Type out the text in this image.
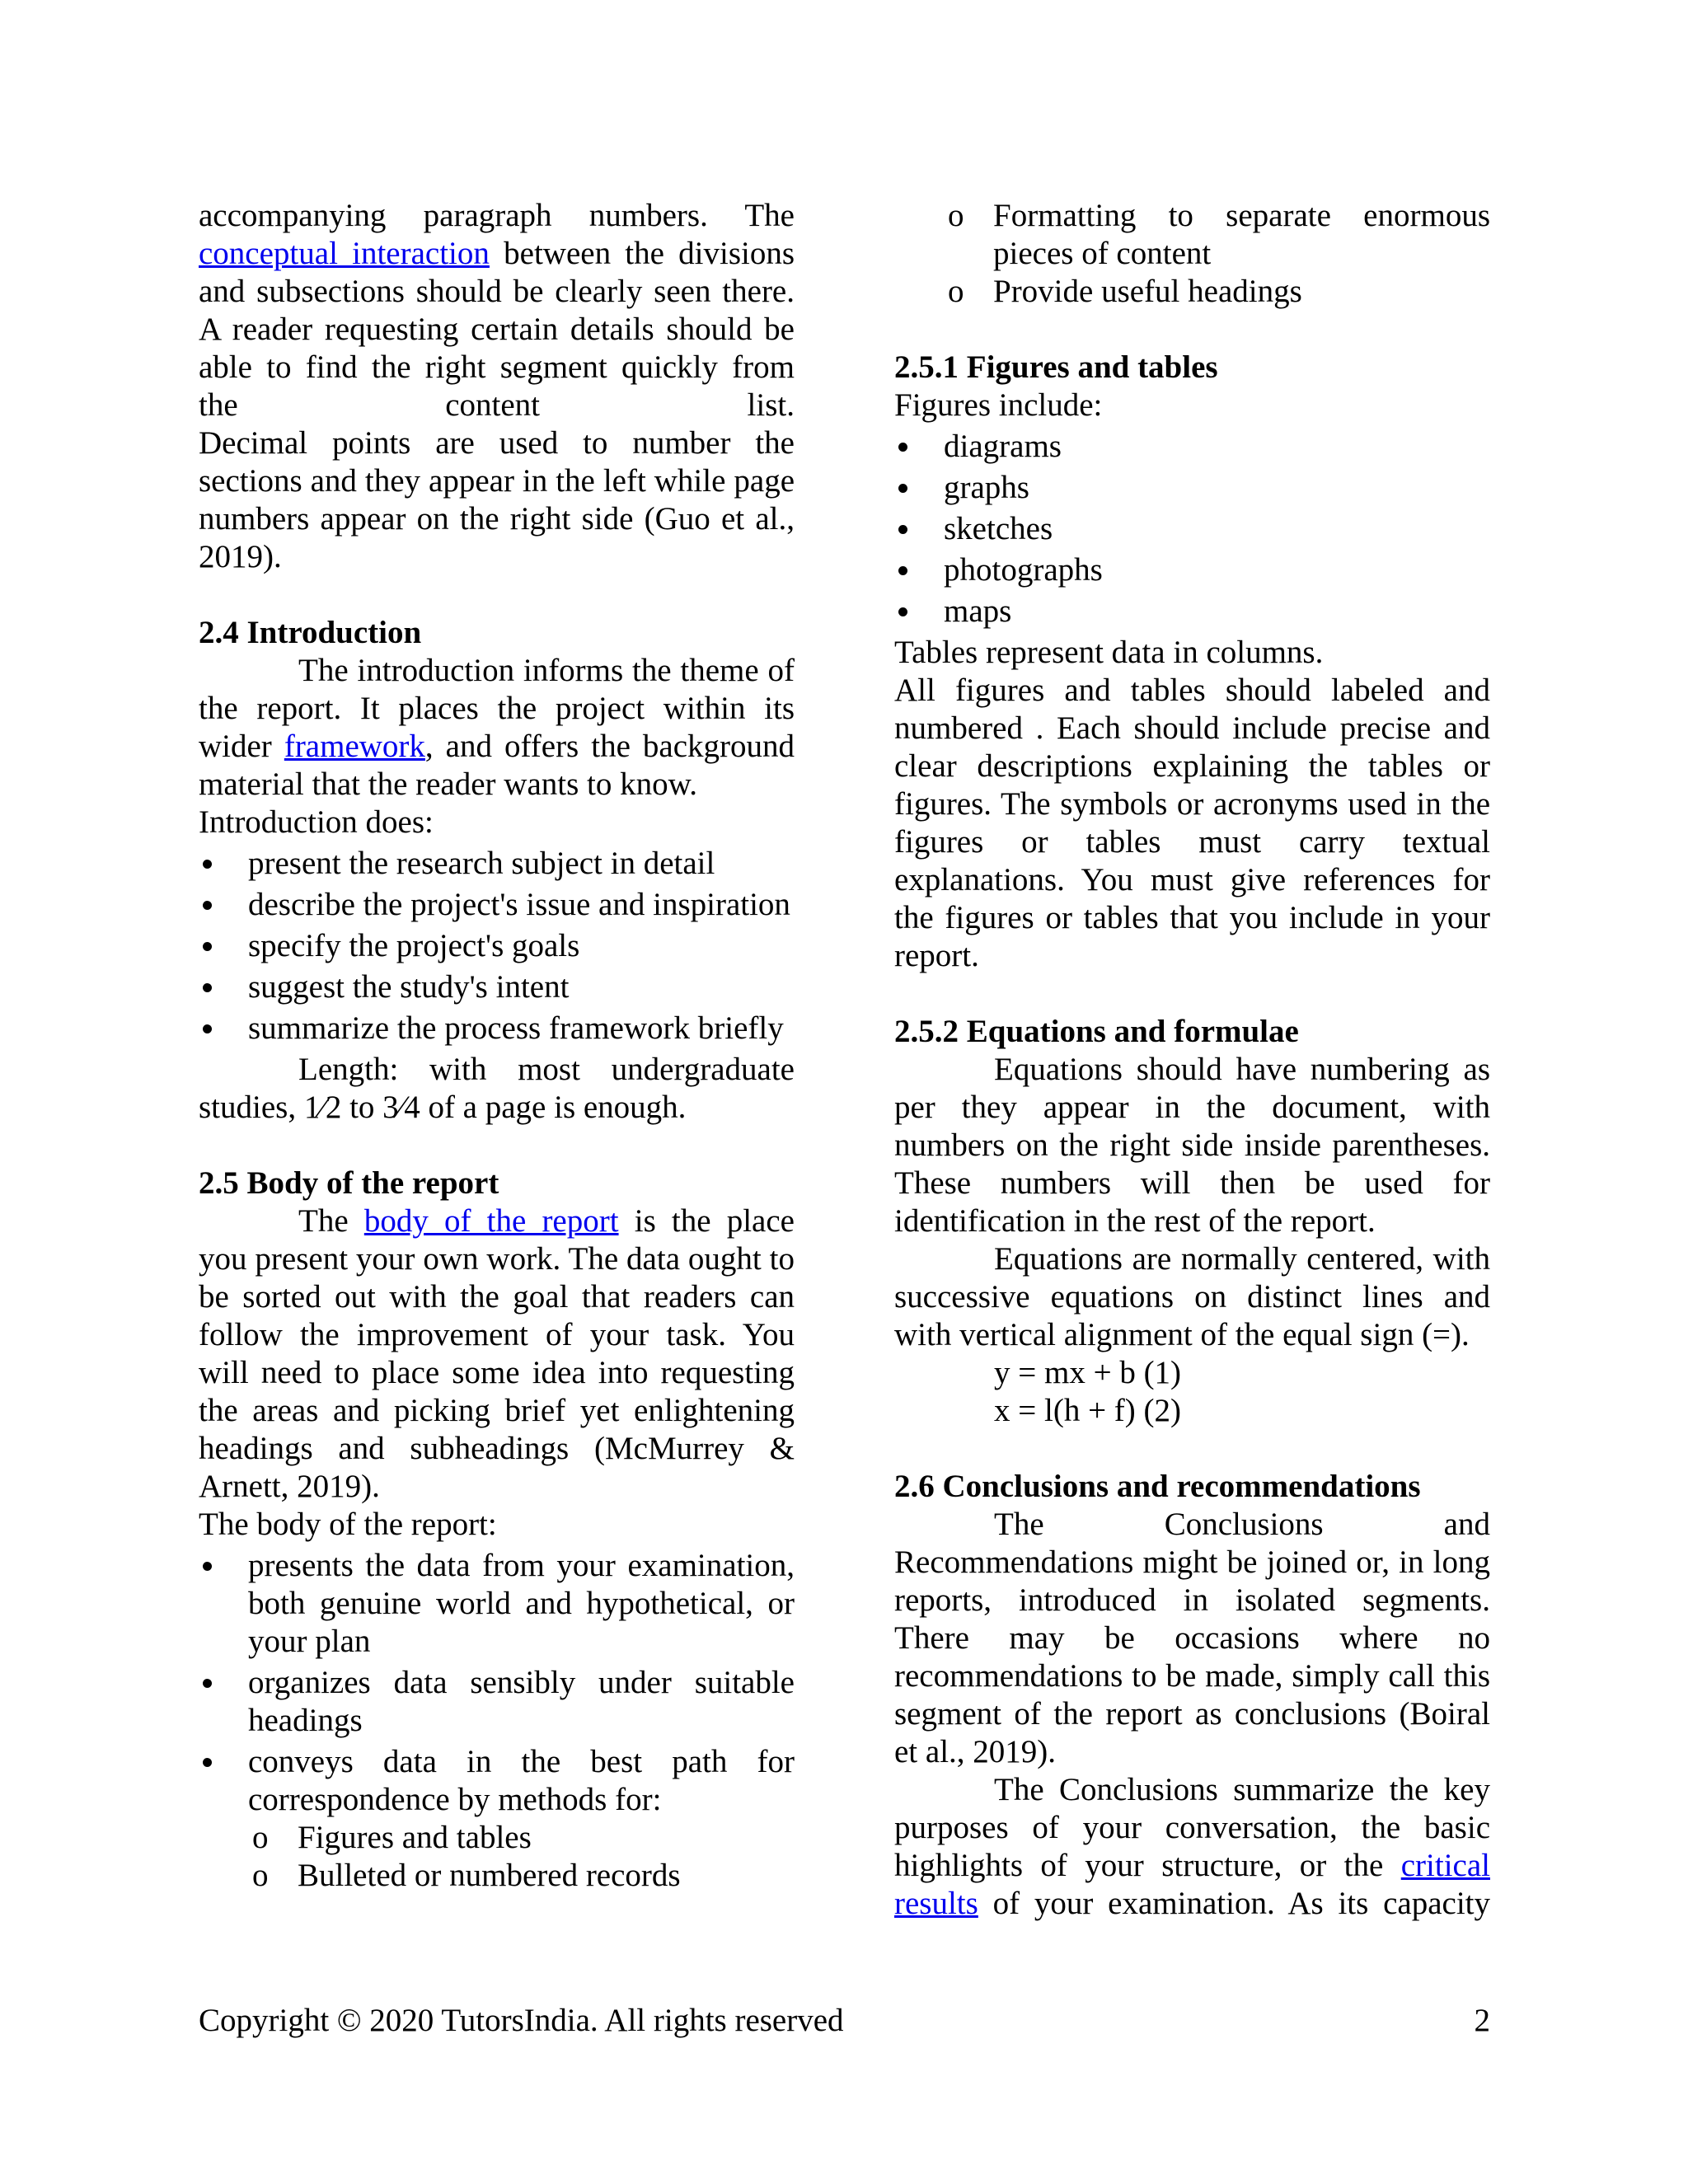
accompanying paragraph numbers. The conceptual interaction between the divisions and subsections should be clearly seen there. A reader requesting certain details should be able to find the right segment quickly from the content list.

Decimal points are used to number the sections and they appear in the left while page numbers appear on the right side (Guo et al., 2019).

2.4 Introduction

The introduction informs the theme of the report. It places the project within its wider framework, and offers the background material that the reader wants to know.

Introduction does:

present the research subject in detail
describe the project's issue and inspiration
specify the project's goals
suggest the study's intent
summarize the process framework briefly

Length: with most undergraduate studies, 1⁄2 to 3⁄4 of a page is enough.

2.5 Body of the report

The body of the report is the place you present your own work. The data ought to be sorted out with the goal that readers can follow the improvement of your task. You will need to place some idea into requesting the areas and picking brief yet enlightening headings and subheadings (McMurrey & Arnett, 2019).

The body of the report:

presents the data from your examination, both genuine world and hypothetical, or your plan
organizes data sensibly under suitable headings
conveys data in the best path for correspondence by methods for:
o Figures and tables
o Bulleted or numbered records
o Formatting to separate enormous pieces of content
o Provide useful headings
2.5.1 Figures and tables

Figures include:

diagrams
graphs
sketches
photographs
maps

Tables represent data in columns.

All figures and tables should labeled and numbered . Each should include precise and clear descriptions explaining the tables or figures. The symbols or acronyms used in the figures or tables must carry textual explanations. You must give references for the figures or tables that you include in your report.

2.5.2 Equations and formulae

Equations should have numbering as per they appear in the document, with numbers on the right side inside parentheses. These numbers will then be used for identification in the rest of the report.

Equations are normally centered, with successive equations on distinct lines and with vertical alignment of the equal sign (=).

y = mx + b (1)

x = l(h + f) (2)

2.6 Conclusions and recommendations

The Conclusions and Recommendations might be joined or, in long reports, introduced in isolated segments. There may be occasions where no recommendations to be made, simply call this segment of the report as conclusions (Boiral et al., 2019).

The Conclusions summarize the key purposes of your conversation, the basic highlights of your structure, or the critical results of your examination. As its capacity

Copyright © 2020 TutorsIndia. All rights reserved	2
